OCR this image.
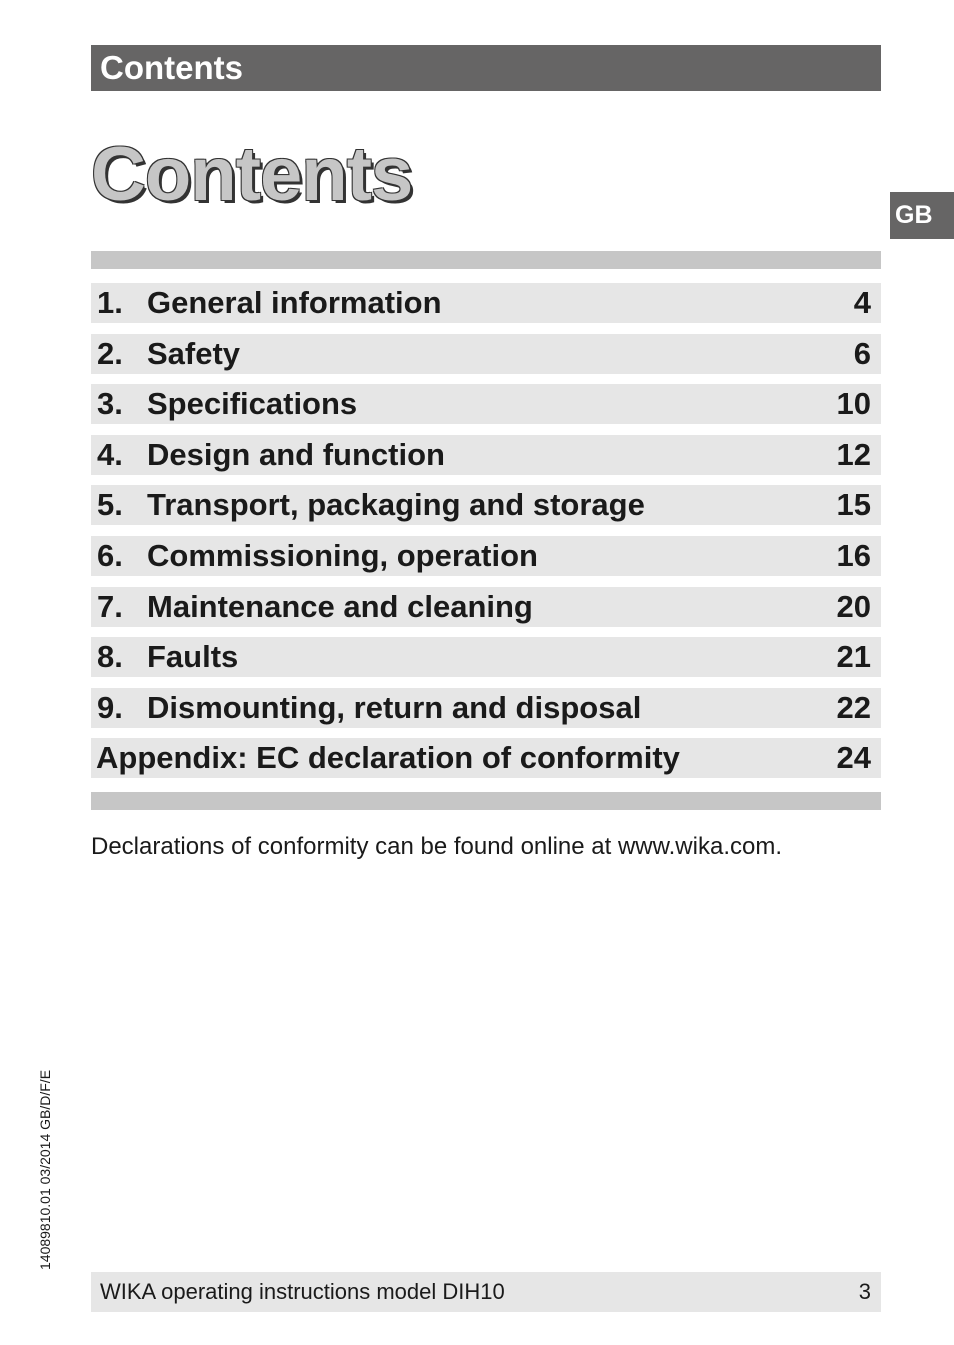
Contents
Contents	GB
1. General information	4
2. Safety	6
3. Specifications	10
4. Design and function	12
5. Transport, packaging and storage	15
6. Commissioning, operation	16
7. Maintenance and cleaning	20
8. Faults	21
9. Dismounting, return and disposal	22
Appendix: EC declaration of conformity	24
Declarations of conformity can be found online at www.wika.com.
14089810.01 03/2014 GB/D/F/E
WIKA operating instructions model DIH10	3
